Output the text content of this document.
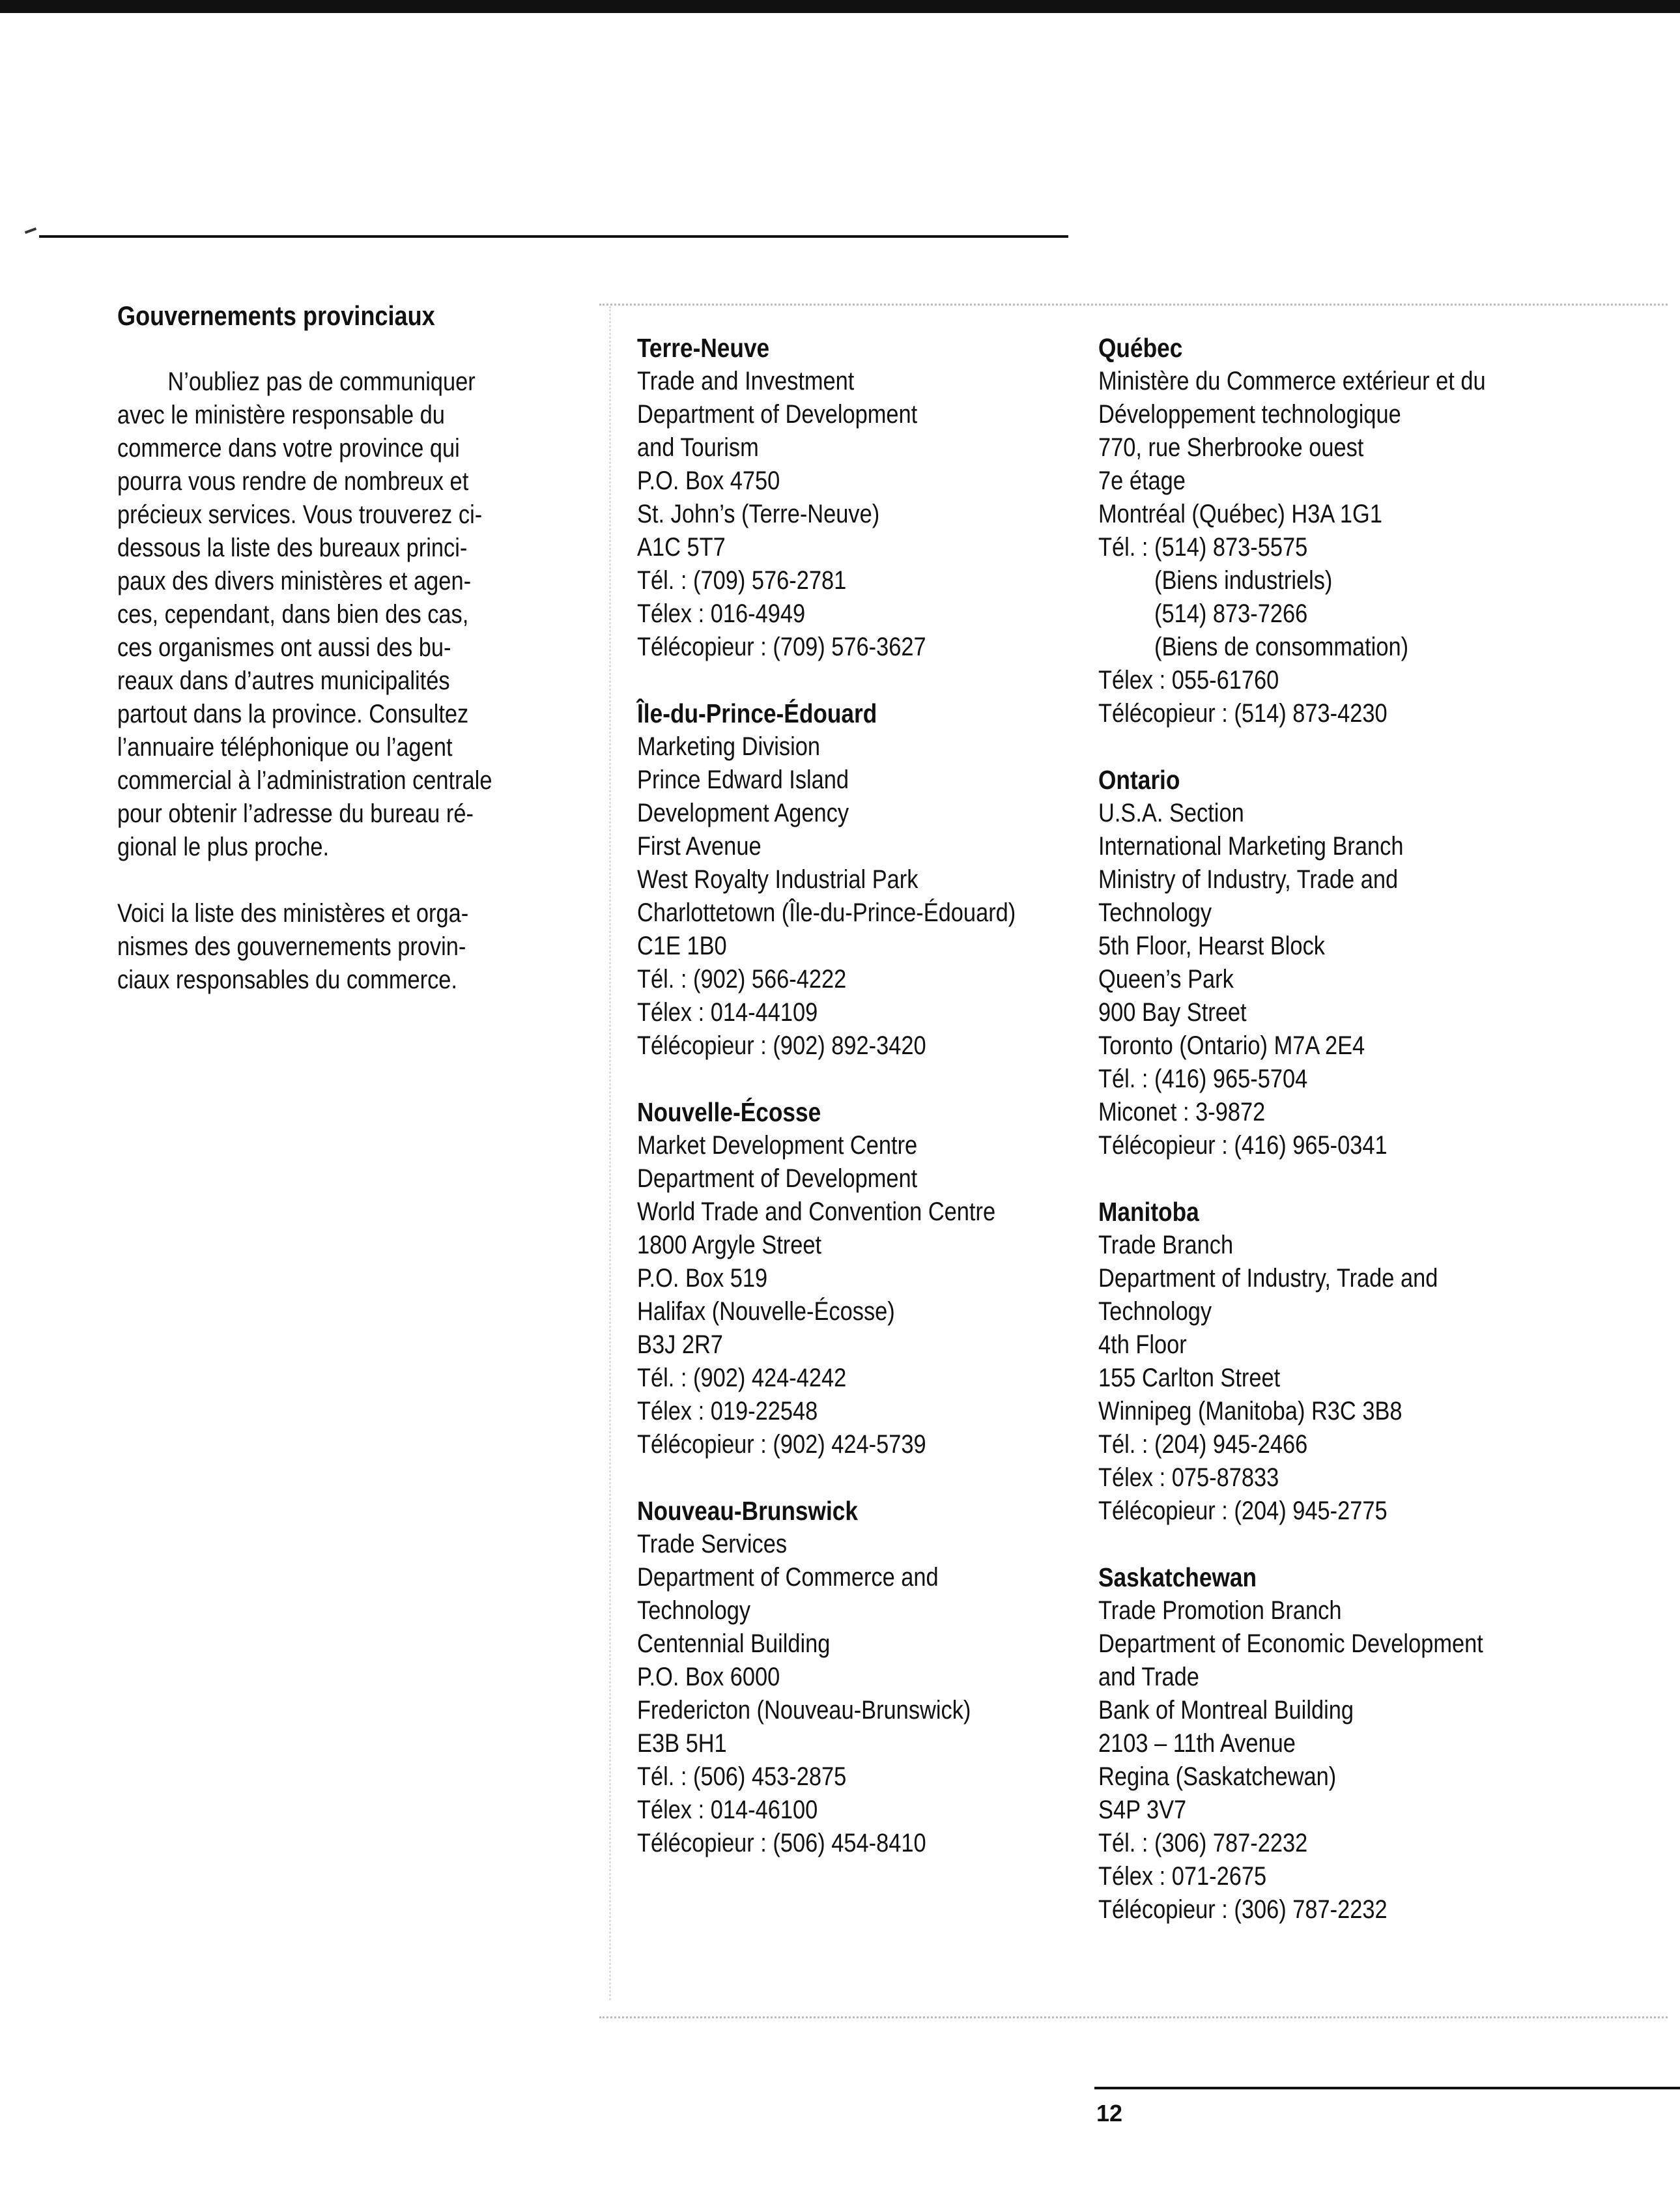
Gouvernements provinciaux

N’oubliez pas de communiquer
avec le ministère responsable du
commerce dans votre province qui
pourra vous rendre de nombreux et
précieux services. Vous trouverez ci-
dessous la liste des bureaux princi-
paux des divers ministères et agen-
ces, cependant, dans bien des cas,
ces organismes ont aussi des bu-
reaux dans d’autres municipalités
partout dans la province. Consultez
l’annuaire téléphonique ou l’agent
commercial à l’administration centrale
pour obtenir l’adresse du bureau ré-
gional le plus proche.

Voici la liste des ministères et orga-
nismes des gouvernements provin-
ciaux responsables du commerce.

Terre-Neuve

Trade and Investment

Department of Development

and Tourism

P.O. Box 4750

St. John’s (Terre-Neuve)

A1C 5T7

Tél. : (709) 576-2781

Télex : 016-4949

Télécopieur : (709) 576-3627

Île-du-Prince-Édouard

Marketing Division

Prince Edward Island

Development Agency

First Avenue

West Royalty Industrial Park

Charlottetown (Île-du-Prince-Édouard)

C1E 1B0

Tél. : (902) 566-4222

Télex : 014-44109

Télécopieur : (902) 892-3420

Nouvelle-Écosse

Market Development Centre

Department of Development

World Trade and Convention Centre

1800 Argyle Street

P.O. Box 519

Halifax (Nouvelle-Écosse)

B3J 2R7

Tél. : (902) 424-4242

Télex : 019-22548

Télécopieur : (902) 424-5739

Nouveau-Brunswick

Trade Services

Department of Commerce and

Technology

Centennial Building

P.O. Box 6000

Fredericton (Nouveau-Brunswick)

E3B 5H1

Tél. : (506) 453-2875

Télex : 014-46100

Télécopieur : (506) 454-8410

Québec

Ministère du Commerce extérieur et du

Développement technologique

770, rue Sherbrooke ouest

7e étage

Montréal (Québec) H3A 1G1

Tél. : (514) 873-5575

(Biens industriels)

(514) 873-7266

(Biens de consommation)

Télex : 055-61760

Télécopieur : (514) 873-4230

Ontario

U.S.A. Section

International Marketing Branch

Ministry of Industry, Trade and

Technology

5th Floor, Hearst Block

Queen’s Park

900 Bay Street

Toronto (Ontario) M7A 2E4

Tél. : (416) 965-5704

Miconet : 3-9872

Télécopieur : (416) 965-0341

Manitoba

Trade Branch

Department of Industry, Trade and

Technology

4th Floor

155 Carlton Street

Winnipeg (Manitoba) R3C 3B8

Tél. : (204) 945-2466

Télex : 075-87833

Télécopieur : (204) 945-2775

Saskatchewan

Trade Promotion Branch

Department of Economic Development

and Trade

Bank of Montreal Building

2103 – 11th Avenue

Regina (Saskatchewan)

S4P 3V7

Tél. : (306) 787-2232

Télex : 071-2675

Télécopieur : (306) 787-2232

12
